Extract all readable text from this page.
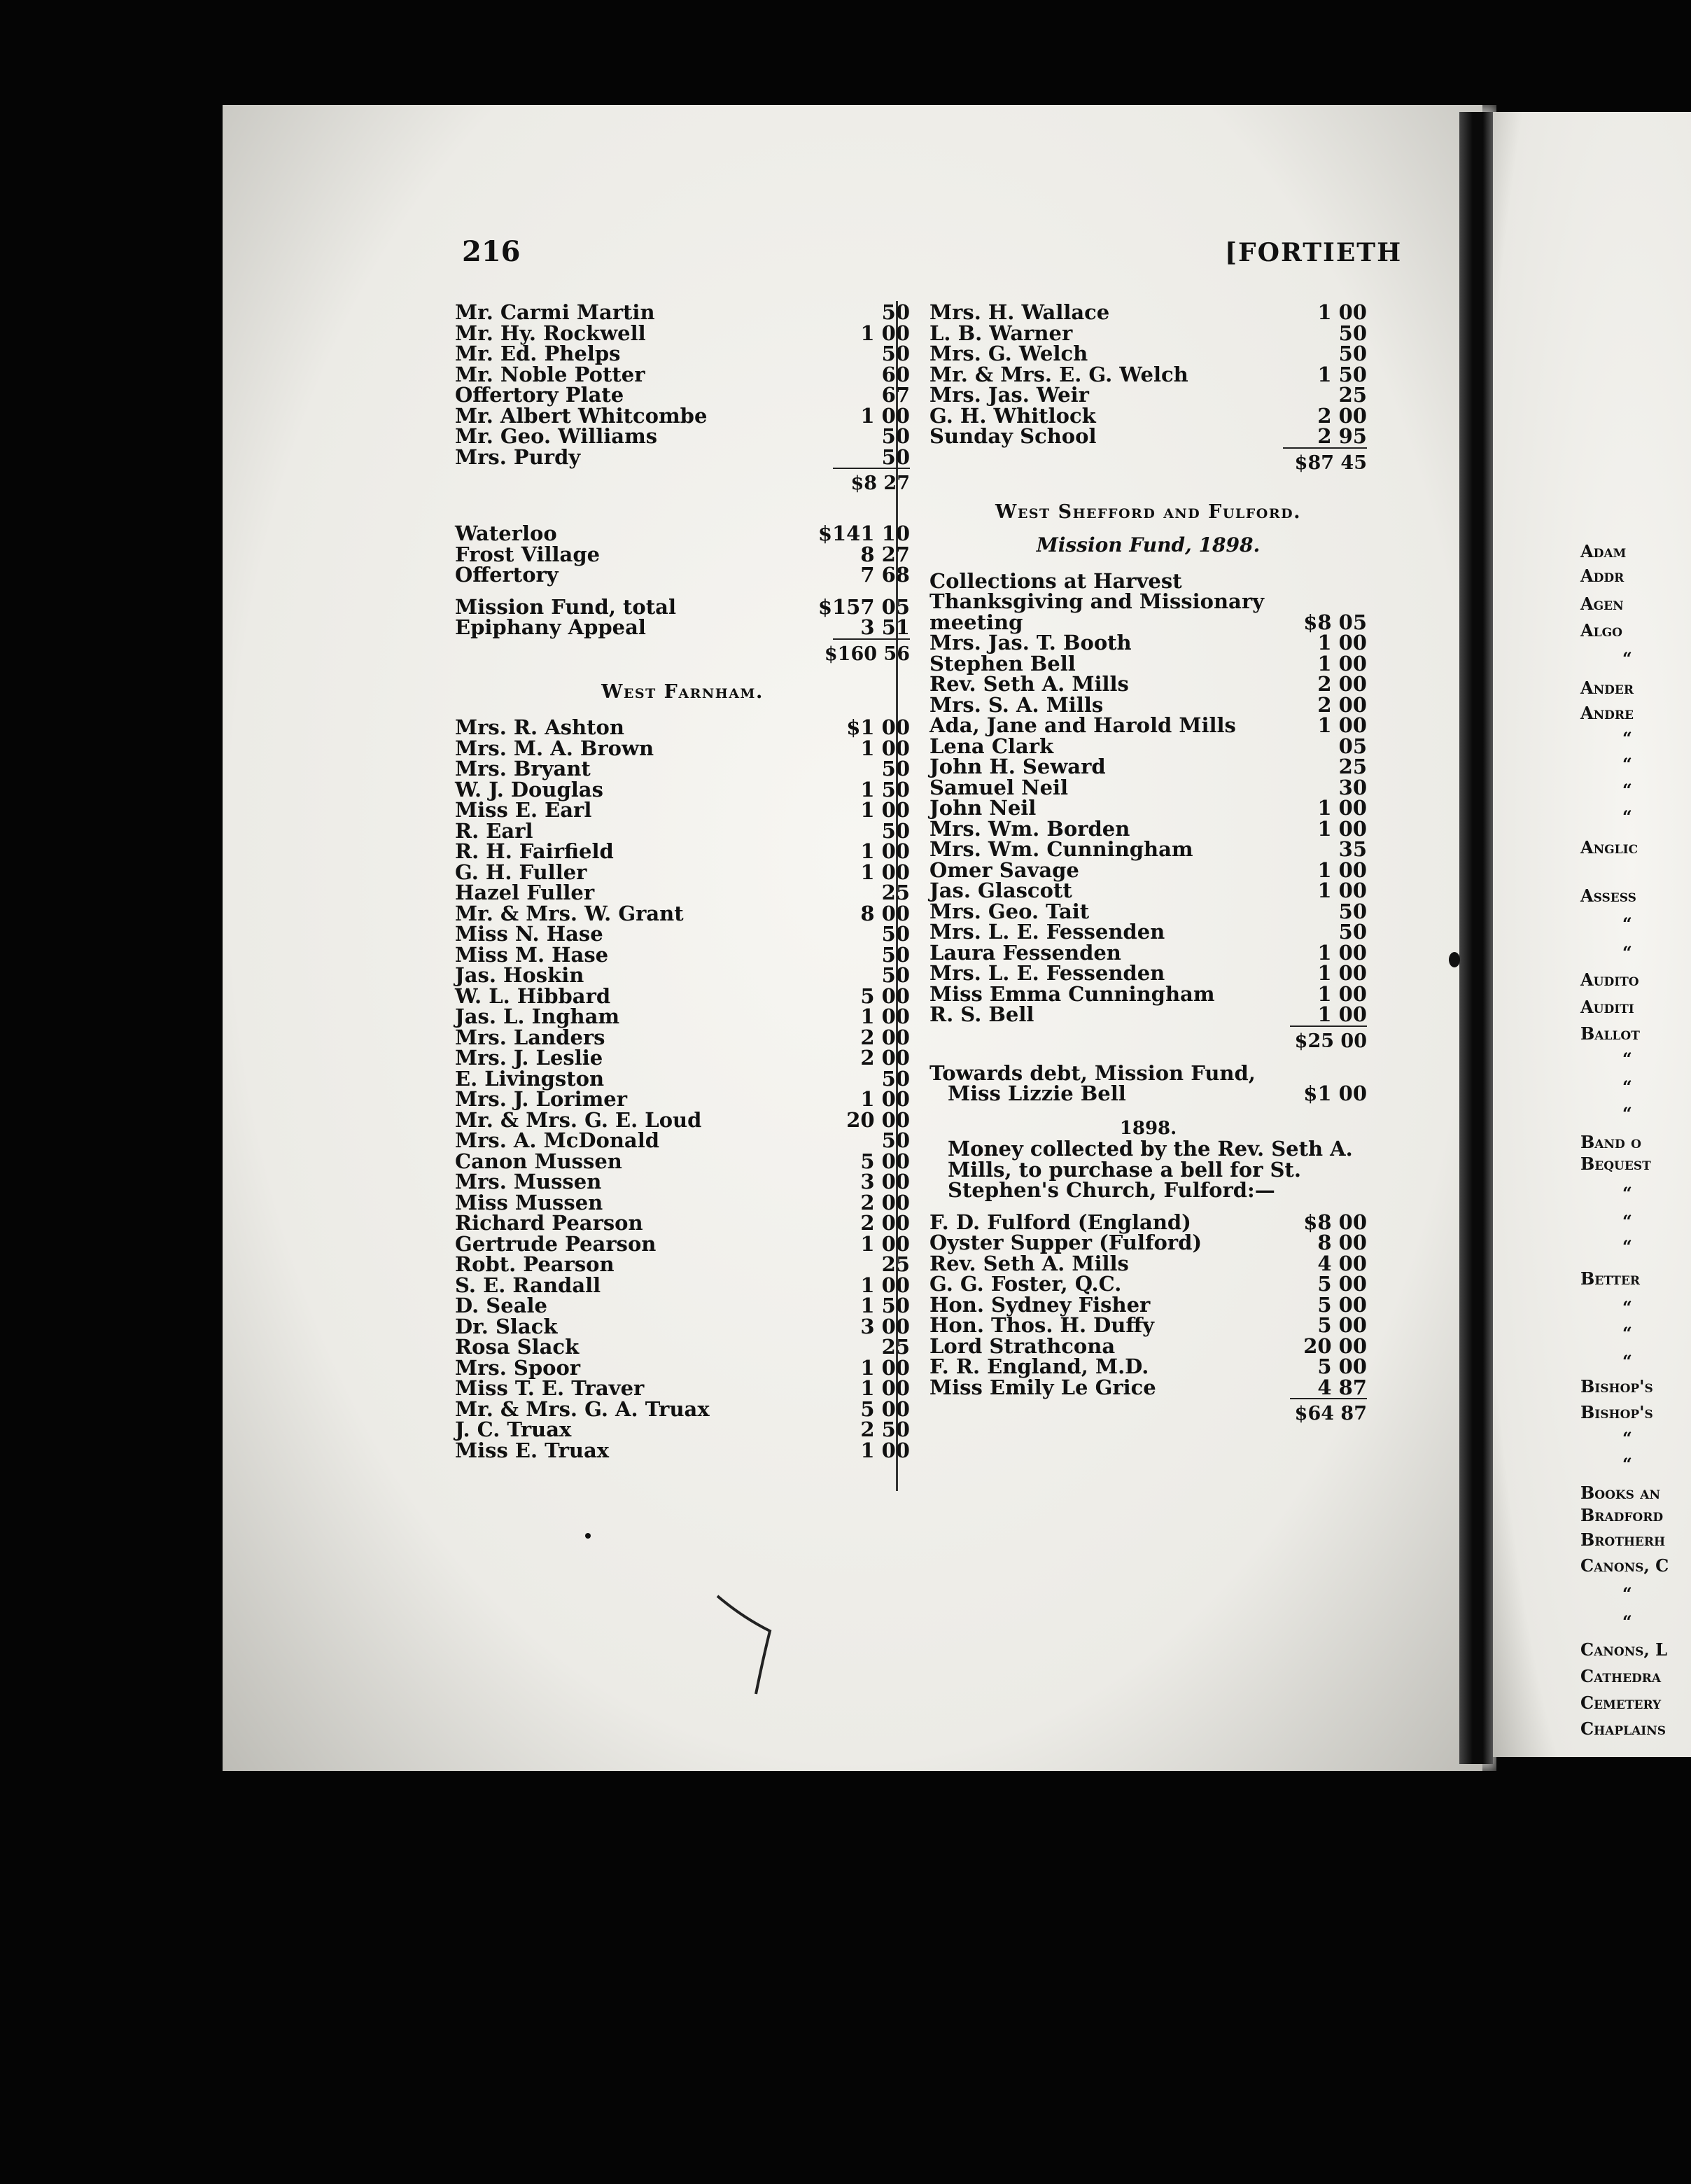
216	[FORTIETH
Mr. Carmi Martin	50
Mr. Hy. Rockwell	1 00
Mr. Ed. Phelps	50
Mr. Noble Potter	60
Offertory Plate	67
Mr. Albert Whitcombe	1 00
Mr. Geo. Williams	50
Mrs. Purdy	50
$8 27
Waterloo	$141 10
Frost Village	8 27
Offertory	7 68
Mission Fund, total	$157 05
Epiphany Appeal	3 51
$160 56
West Farnham.
Mrs. R. Ashton	$1 00
Mrs. M. A. Brown	1 00
Mrs. Bryant	50
W. J. Douglas	1 50
Miss E. Earl	1 00
R. Earl	50
R. H. Fairfield	1 00
G. H. Fuller	1 00
Hazel Fuller	25
Mr. & Mrs. W. Grant	8 00
Miss N. Hase	50
Miss M. Hase	50
Jas. Hoskin	50
W. L. Hibbard	5 00
Jas. L. Ingham	1 00
Mrs. Landers	2 00
Mrs. J. Leslie	2 00
E. Livingston	50
Mrs. J. Lorimer	1 00
Mr. & Mrs. G. E. Loud	20 00
Mrs. A. McDonald	50
Canon Mussen	5 00
Mrs. Mussen	3 00
Miss Mussen	2 00
Richard Pearson	2 00
Gertrude Pearson	1 00
Robt. Pearson	25
S. E. Randall	1 00
D. Seale	1 50
Dr. Slack	3 00
Rosa Slack	25
Mrs. Spoor	1 00
Miss T. E. Traver	1 00
Mr. & Mrs. G. A. Truax	5 00
J. C. Truax	2 50
Miss E. Truax	1 00
Mrs. H. Wallace	1 00
L. B. Warner	50
Mrs. G. Welch	50
Mr. & Mrs. E. G. Welch	1 50
Mrs. Jas. Weir	25
G. H. Whitlock	2 00
Sunday School	2 95
$87 45
West Shefford and Fulford.
Mission Fund, 1898.
Collections at Harvest Thanksgiving and Missionary meeting	$8 05
Mrs. Jas. T. Booth	1 00
Stephen Bell	1 00
Rev. Seth A. Mills	2 00
Mrs. S. A. Mills	2 00
Ada, Jane and Harold Mills	1 00
Lena Clark	05
John H. Seward	25
Samuel Neil	30
John Neil	1 00
Mrs. Wm. Borden	1 00
Mrs. Wm. Cunningham	35
Omer Savage	1 00
Jas. Glascott	1 00
Mrs. Geo. Tait	50
Mrs. L. E. Fessenden	50
Laura Fessenden	1 00
Mrs. L. E. Fessenden	1 00
Miss Emma Cunningham	1 00
R. S. Bell	1 00
$25 00
Towards debt, Mission Fund,
Miss Lizzie Bell	$1 00
1898.
Money collected by the Rev. Seth A. Mills, to purchase a bell for St. Stephen's Church, Fulford:—
F. D. Fulford (England)	$8 00
Oyster Supper (Fulford)	8 00
Rev. Seth A. Mills	4 00
G. G. Foster, Q.C.	5 00
Hon. Sydney Fisher	5 00
Hon. Thos. H. Duffy	5 00
Lord Strathcona	20 00
F. R. England, M.D.	5 00
Miss Emily Le Grice	4 87
$64 87
Adam
Addr
Agen
Algo
“
Ander
Andre
“
“
“
“
Anglic
Assess
“
“
Audito
Auditi
Ballot
“
“
“
Band o
Bequest
“
“
“
Better
“
“
“
Bishop's
Bishop's
“
“
Books an
Bradford
Brotherh
Canons, C
“
“
Canons, L
Cathedra
Cemetery
Chaplains
